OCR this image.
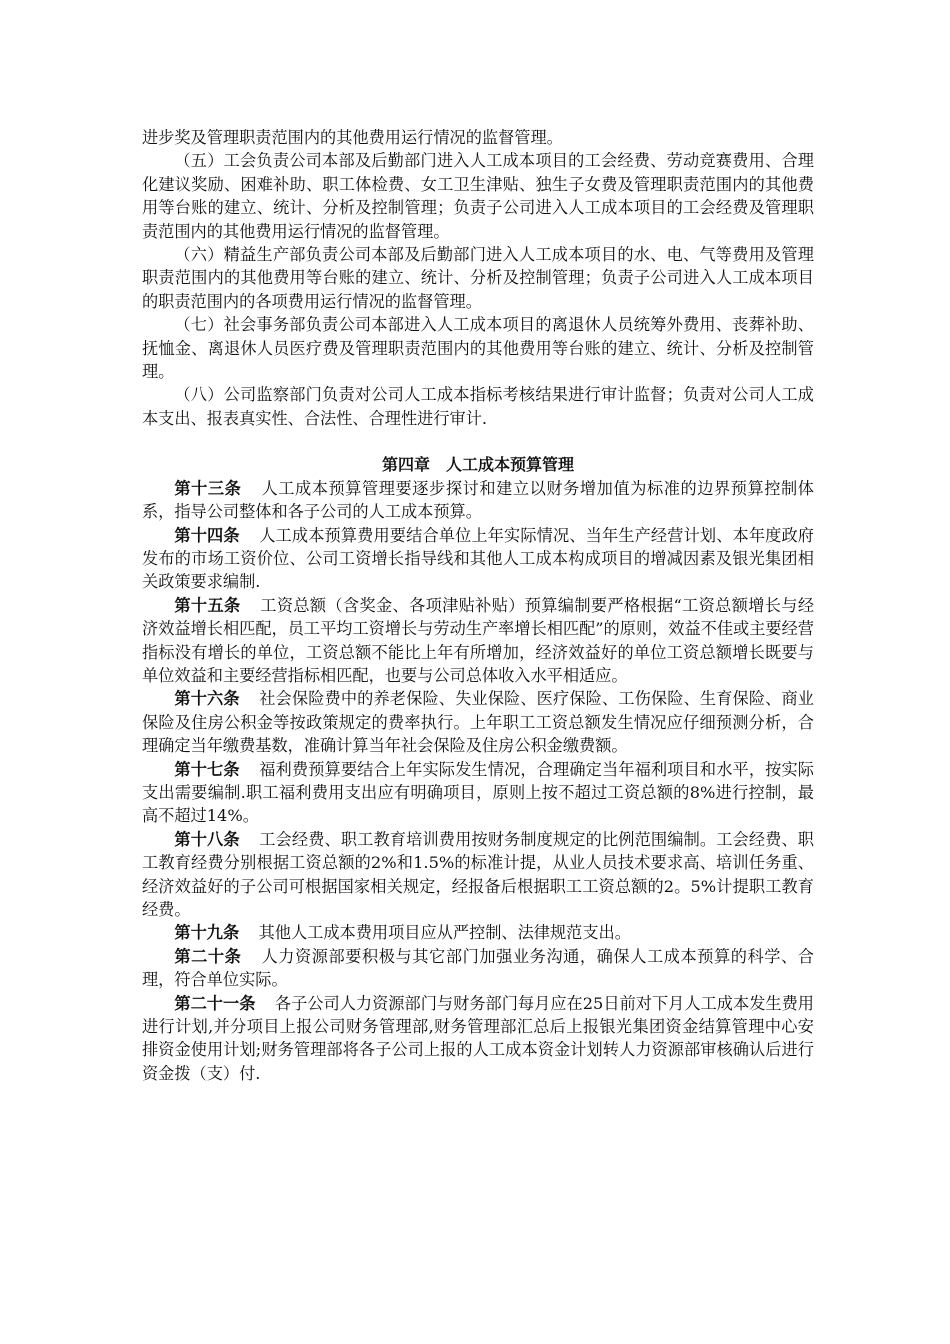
进步奖及管理职责范围内的其他费用运行情况的监督管理。

（五）工会负责公司本部及后勤部门进入人工成本项目的工会经费、劳动竞赛费用、合理化建议奖励、困难补助、职工体检费、女工卫生津贴、独生子女费及管理职责范围内的其他费用等台账的建立、统计、分析及控制管理；负责子公司进入人工成本项目的工会经费及管理职责范围内的其他费用运行情况的监督管理。

（六）精益生产部负责公司本部及后勤部门进入人工成本项目的水、电、气等费用及管理职责范围内的其他费用等台账的建立、统计、分析及控制管理；负责子公司进入人工成本项目的职责范围内的各项费用运行情况的监督管理。

（七）社会事务部负责公司本部进入人工成本项目的离退休人员统筹外费用、丧葬补助、抚恤金、离退休人员医疗费及管理职责范围内的其他费用等台账的建立、统计、分析及控制管理。

（八）公司监察部门负责对公司人工成本指标考核结果进行审计监督；负责对公司人工成本支出、报表真实性、合法性、合理性进行审计.

第四章　人工成本预算管理

第十三条 人工成本预算管理要逐步探讨和建立以财务增加值为标准的边界预算控制体系，指导公司整体和各子公司的人工成本预算。

第十四条 人工成本预算费用要结合单位上年实际情况、当年生产经营计划、本年度政府发布的市场工资价位、公司工资增长指导线和其他人工成本构成项目的增减因素及银光集团相关政策要求编制.

第十五条 工资总额（含奖金、各项津贴补贴）预算编制要严格根据“工资总额增长与经济效益增长相匹配，员工平均工资增长与劳动生产率增长相匹配”的原则，效益不佳或主要经营指标没有增长的单位，工资总额不能比上年有所增加，经济效益好的单位工资总额增长既要与单位效益和主要经营指标相匹配，也要与公司总体收入水平相适应。

第十六条 社会保险费中的养老保险、失业保险、医疗保险、工伤保险、生育保险、商业保险及住房公积金等按政策规定的费率执行。上年职工工资总额发生情况应仔细预测分析，合理确定当年缴费基数，准确计算当年社会保险及住房公积金缴费额。

第十七条 福利费预算要结合上年实际发生情况，合理确定当年福利项目和水平，按实际支出需要编制.职工福利费用支出应有明确项目，原则上按不超过工资总额的8%进行控制，最高不超过14%。

第十八条 工会经费、职工教育培训费用按财务制度规定的比例范围编制。工会经费、职工教育经费分别根据工资总额的2%和1.5%的标准计提，从业人员技术要求高、培训任务重、经济效益好的子公司可根据国家相关规定，经报备后根据职工工资总额的2。5%计提职工教育经费。

第十九条 其他人工成本费用项目应从严控制、法律规范支出。

第二十条 人力资源部要积极与其它部门加强业务沟通，确保人工成本预算的科学、合理，符合单位实际。

第二十一条 各子公司人力资源部门与财务部门每月应在25日前对下月人工成本发生费用进行计划,并分项目上报公司财务管理部,财务管理部汇总后上报银光集团资金结算管理中心安排资金使用计划;财务管理部将各子公司上报的人工成本资金计划转人力资源部审核确认后进行资金拨（支）付.
